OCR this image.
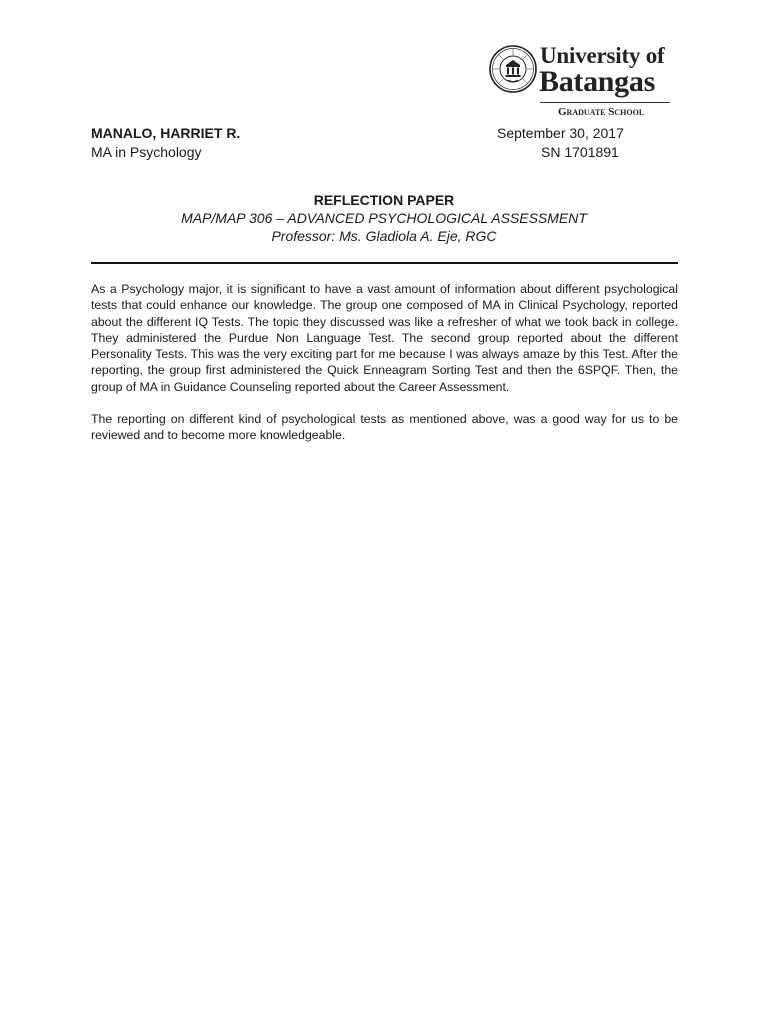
University of
Batangas
Graduate School
MANALO, HARRIET R.
MA in Psychology
September 30, 2017
SN 1701891
REFLECTION PAPER
MAP/MAP 306 – ADVANCED PSYCHOLOGICAL ASSESSMENT
Professor: Ms. Gladiola A. Eje, RGC

As a Psychology major, it is significant to have a vast amount of information about different psychological tests that could enhance our knowledge. The group one composed of MA in Clinical Psychology, reported about the different IQ Tests. The topic they discussed was like a refresher of what we took back in college. They administered the Purdue Non Language Test. The second group reported about the different Personality Tests. This was the very exciting part for me because I was always amaze by this Test. After the reporting, the group first administered the Quick Enneagram Sorting Test and then the 6SPQF. Then, the group of MA in Guidance Counseling reported about the Career Assessment.

The reporting on different kind of psychological tests as mentioned above, was a good way for us to be reviewed and to become more knowledgeable.
